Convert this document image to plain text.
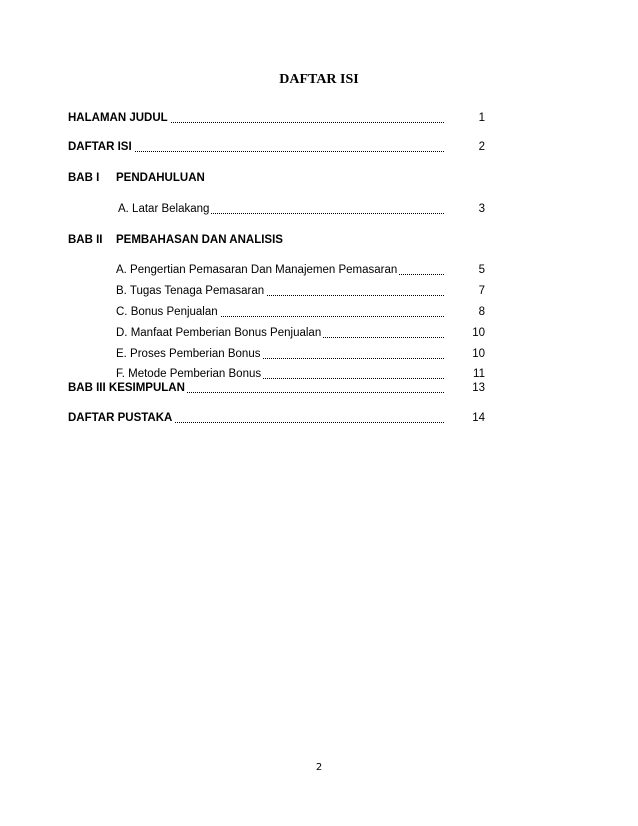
DAFTAR ISI
HALAMAN JUDUL	1
DAFTAR ISI	2
BAB I PENDAHULUAN
A. Latar Belakang	3
BAB II PEMBAHASAN DAN ANALISIS
A. Pengertian Pemasaran Dan Manajemen Pemasaran	5
B. Tugas Tenaga Pemasaran	7
C. Bonus Penjualan	8
D. Manfaat Pemberian Bonus Penjualan	10
E. Proses Pemberian Bonus	10
F. Metode Pemberian Bonus	11
BAB III KESIMPULAN	13
DAFTAR PUSTAKA	14
2
